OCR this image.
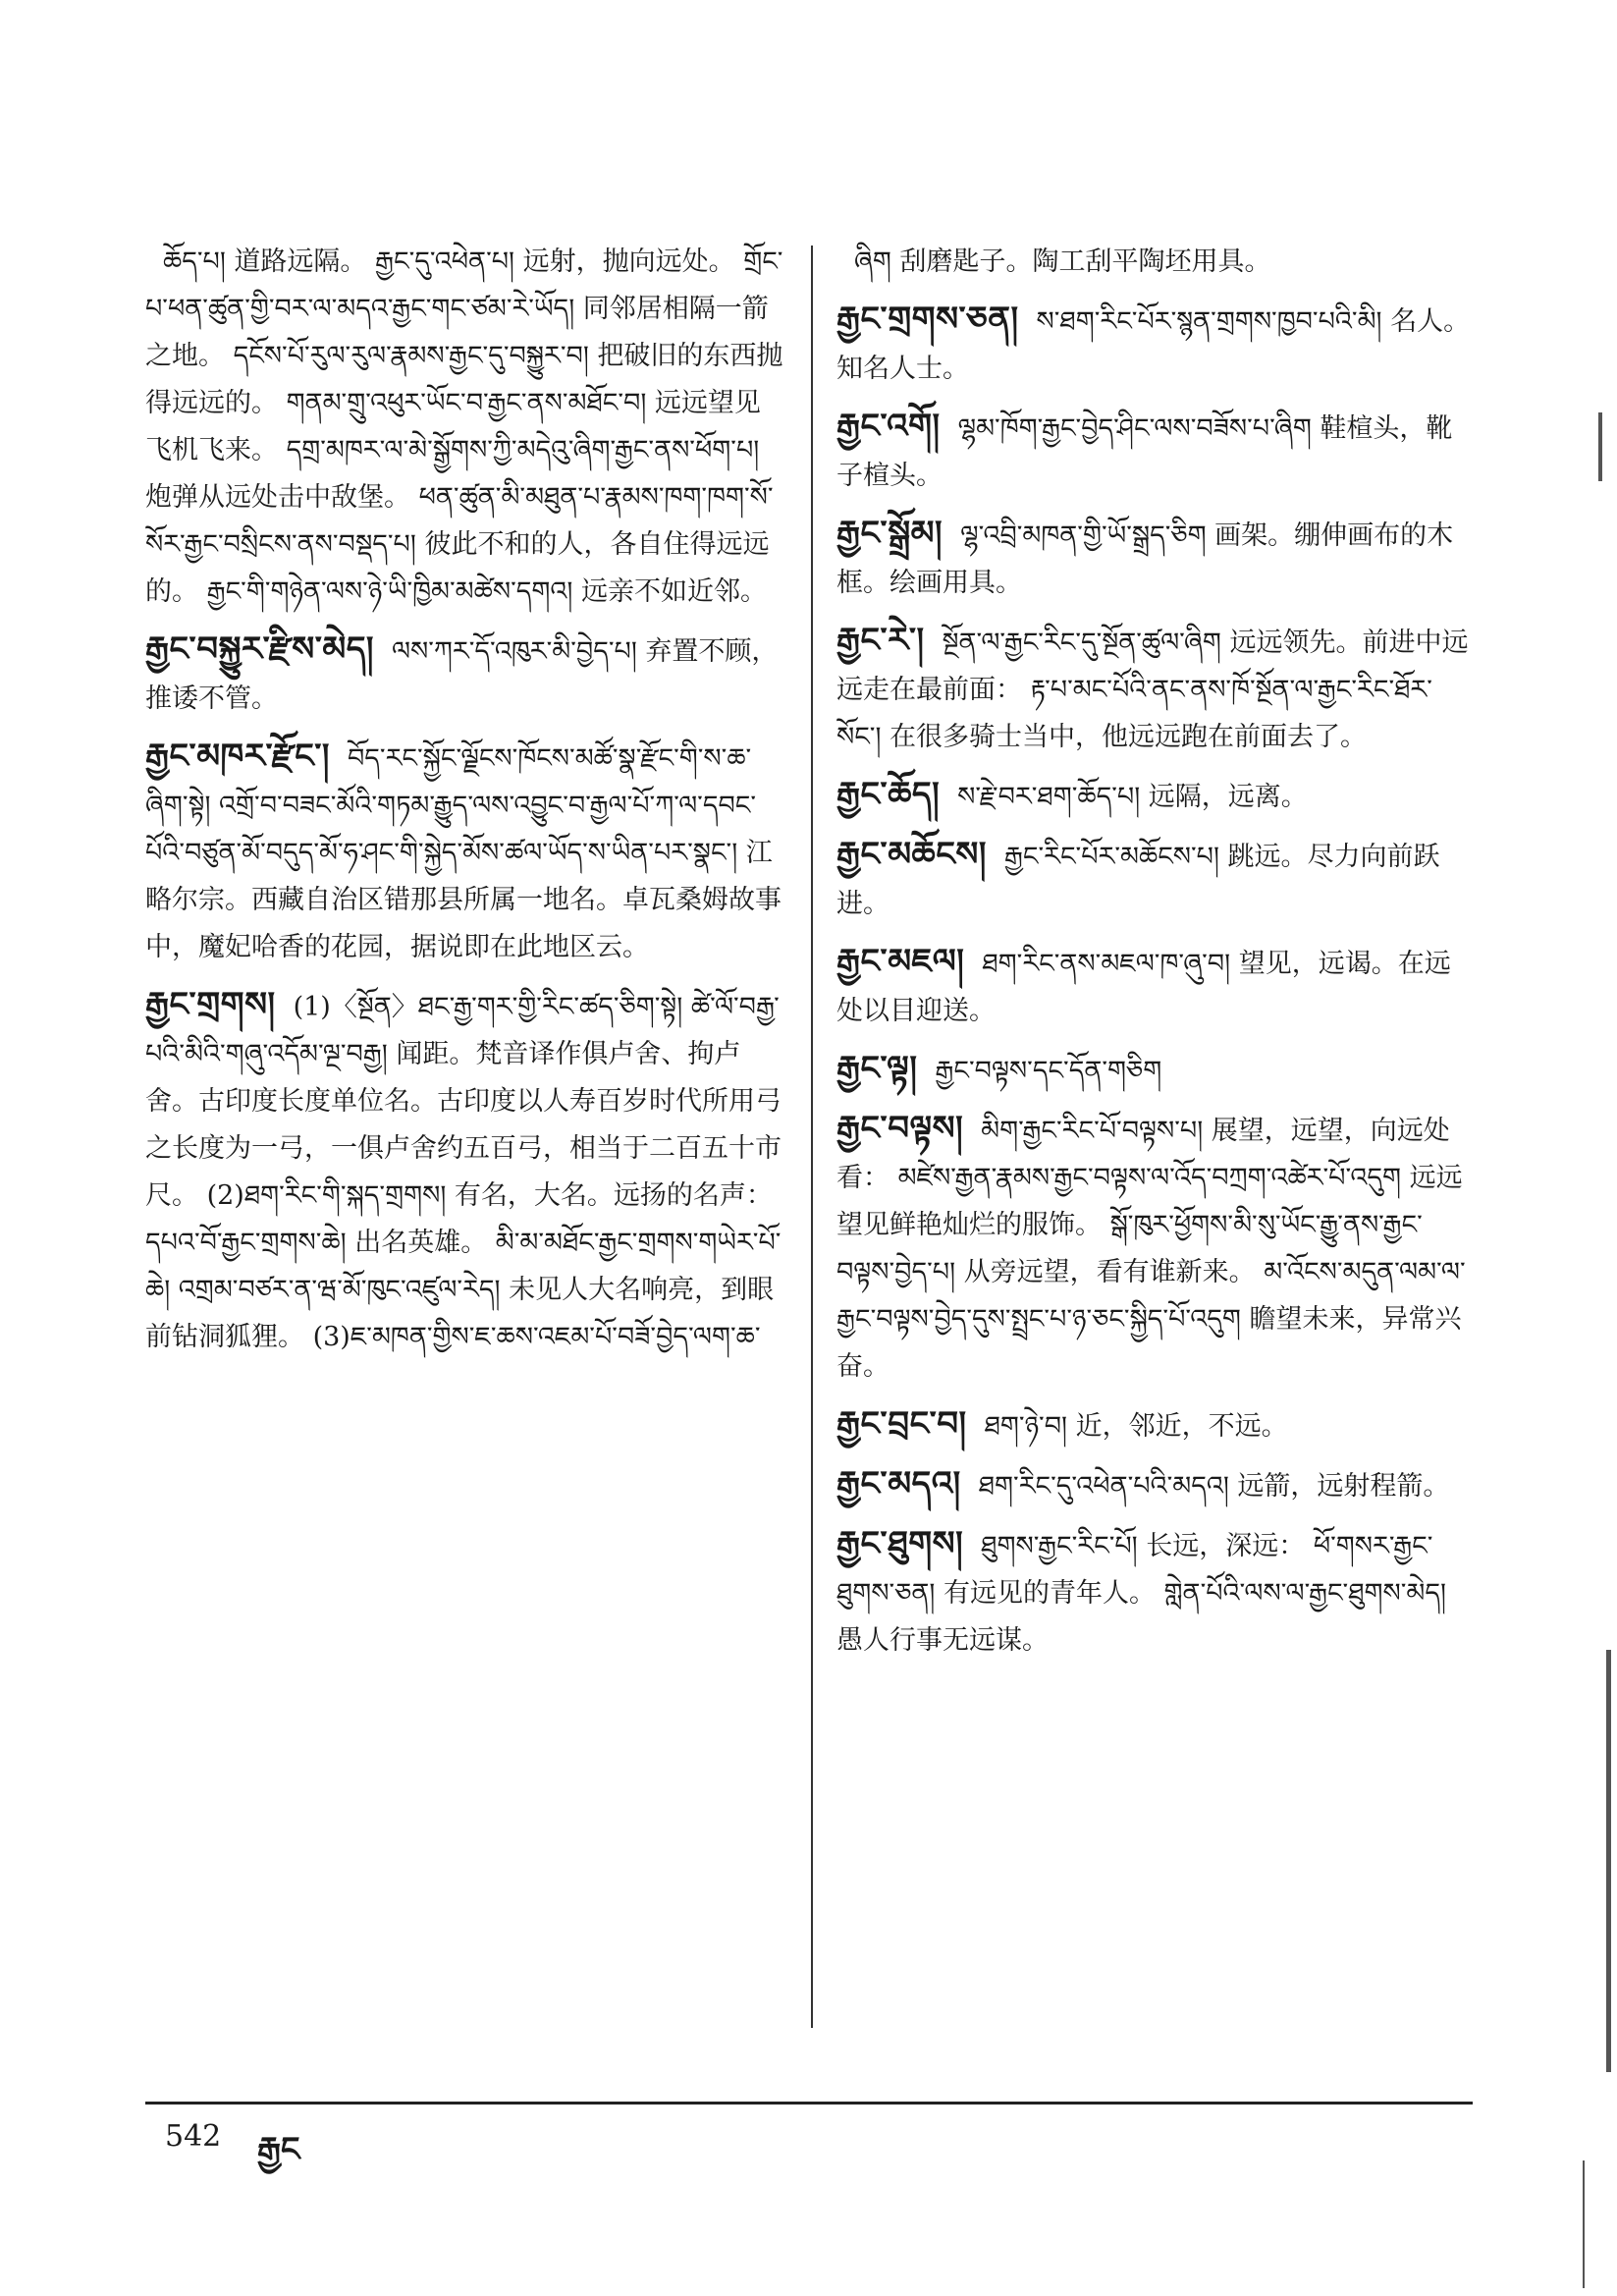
ཆོད་པ། 道路远隔。 རྒྱང་དུ་འཕེན་པ། 远射，抛向远处。 གྲོང་པ་ཕན་ཚུན་གྱི་བར་ལ་མདའ་རྒྱང་གང་ཙམ་རེ་ཡོད། 同邻居相隔一箭之地。 དངོས་པོ་རུལ་རུལ་རྣམས་རྒྱང་དུ་བསྐྱུར་བ། 把破旧的东西抛得远远的。 གནམ་གྲུ་འཕུར་ཡོང་བ་རྒྱང་ནས་མཐོང་བ། 远远望见飞机飞来。 དགྲ་མཁར་ལ་མེ་སྒྱོགས་ཀྱི་མདེའུ་ཞིག་རྒྱང་ནས་ཕོག་པ། 炮弹从远处击中敌堡。 ཕན་ཚུན་མི་མཐུན་པ་རྣམས་ཁག་ཁག་སོ་སོར་རྒྱང་བསྲིངས་ནས་བསྡད་པ། 彼此不和的人，各自住得远远的。 རྒྱང་གི་གཉེན་ལས་ཉེ་ཡི་ཁྱིམ་མཚེས་དགའ། 远亲不如近邻。
རྒྱང་བསྐྱུར་རྫིས་མེད། ལས་ཀར་དོ་འཁུར་མི་བྱེད་པ། 弃置不顾，推诿不管。
རྒྱང་མཁར་རྫོང་། བོད་རང་སྐྱོང་ལྗོངས་ཁོངས་མཚོ་སྣ་རྫོང་གི་ས་ཆ་ཞིག་སྟེ། འགྲོ་བ་བཟང་མོའི་གཏམ་རྒྱུད་ལས་འབྱུང་བ་རྒྱལ་པོ་ཀ་ལ་དབང་པོའི་བཙུན་མོ་བདུད་མོ་ཧ་ཤང་གི་སྐྱེད་མོས་ཚལ་ཡོད་ས་ཡིན་པར་སྣང་། 江略尔宗。西藏自治区错那县所属一地名。卓瓦桑姆故事中，魔妃哈香的花园，据说即在此地区云。
རྒྱང་གྲགས། (1)〈སྔོན〉ཐང་རྒྱ་གར་གྱི་རིང་ཚད་ཅིག་སྟེ། ཚེ་ལོ་བརྒྱ་པའི་མིའི་གཞུ་འདོམ་ལྔ་བརྒྱ། 闻距。梵音译作俱卢舍、拘卢舍。古印度长度单位名。古印度以人寿百岁时代所用弓之长度为一弓，一俱卢舍约五百弓，相当于二百五十市尺。 (2)ཐག་རིང་གི་སྐད་གྲགས། 有名，大名。远扬的名声： དཔའ་བོ་རྒྱང་གྲགས་ཆེ། 出名英雄。 མི་མ་མཐོང་རྒྱང་གྲགས་གཡེར་པོ་ཆེ། འགྲམ་བཙར་ན་ཝ་མོ་ཁུང་འཛུལ་རེད། 未见人大名响亮，到眼前钻洞狐狸。 (3)ཇ་མཁན་གྱིས་ཇ་ཆས་འཇམ་པོ་བཟོ་བྱེད་ལག་ཆ་
ཞིག 刮磨匙子。陶工刮平陶坯用具。
རྒྱང་གྲགས་ཅན། ས་ཐག་རིང་པོར་སྙན་གྲགས་ཁྱབ་པའི་མི། 名人。知名人士。
རྒྱང་འགོ། ལྷམ་ཁོག་རྒྱང་བྱེད་ཤིང་ལས་བཟོས་པ་ཞིག 鞋楦头，靴子楦头。
རྒྱང་སྒྲོམ། ལྷ་འབྲི་མཁན་གྱི་ཡོ་སྒྲད་ཅིག 画架。绷伸画布的木框。绘画用具。
རྒྱང་རེ་། སྔོན་ལ་རྒྱང་རིང་དུ་སྔོན་ཚུལ་ཞིག 远远领先。前进中远远走在最前面： རྟ་པ་མང་པོའི་ནང་ནས་ཁོ་སྔོན་ལ་རྒྱང་རིང་ཐོར་སོང་། 在很多骑士当中，他远远跑在前面去了。
རྒྱང་ཆོད། ས་རྗེ་བར་ཐག་ཆོད་པ། 远隔，远离。
རྒྱང་མཆོངས། རྒྱང་རིང་པོར་མཆོངས་པ། 跳远。尽力向前跃进。
རྒྱང་མཇལ། ཐག་རིང་ནས་མཇལ་ཁ་ཞུ་བ། 望见，远谒。在远处以目迎送。
རྒྱང་ལྟ། རྒྱང་བལྟས་དང་དོན་གཅིག
རྒྱང་བལྟས། མིག་རྒྱང་རིང་པོ་བལྟས་པ། 展望，远望，向远处看： མཛེས་རྒྱན་རྣམས་རྒྱང་བལྟས་ལ་འོད་བཀྲག་འཚེར་པོ་འདུག 远远望见鲜艳灿烂的服饰。 སྒོ་ཁུར་ཕྱོགས་མི་སུ་ཡོང་རྒྱུ་ནས་རྒྱང་བལྟས་བྱེད་པ། 从旁远望，看有谁新来。 མ་འོངས་མདུན་ལམ་ལ་རྒྱང་བལྟས་བྱེད་དུས་སྤྲང་པ་ཉ་ཅང་སྐྱིད་པོ་འདུག 瞻望未来，异常兴奋。
རྒྱང་བྲང་བ། ཐག་ཉེ་བ། 近，邻近，不远。
རྒྱང་མདའ། ཐག་རིང་དུ་འཕེན་པའི་མདའ། 远箭，远射程箭。
རྒྱང་ཐུགས། ཐུགས་རྒྱང་རིང་པོ། 长远，深远： ཕོ་གསར་རྒྱང་ཐུགས་ཅན། 有远见的青年人。 གླེན་པོའི་ལས་ལ་རྒྱང་ཐུགས་མེད། 愚人行事无远谋。
542 རྒྱང
